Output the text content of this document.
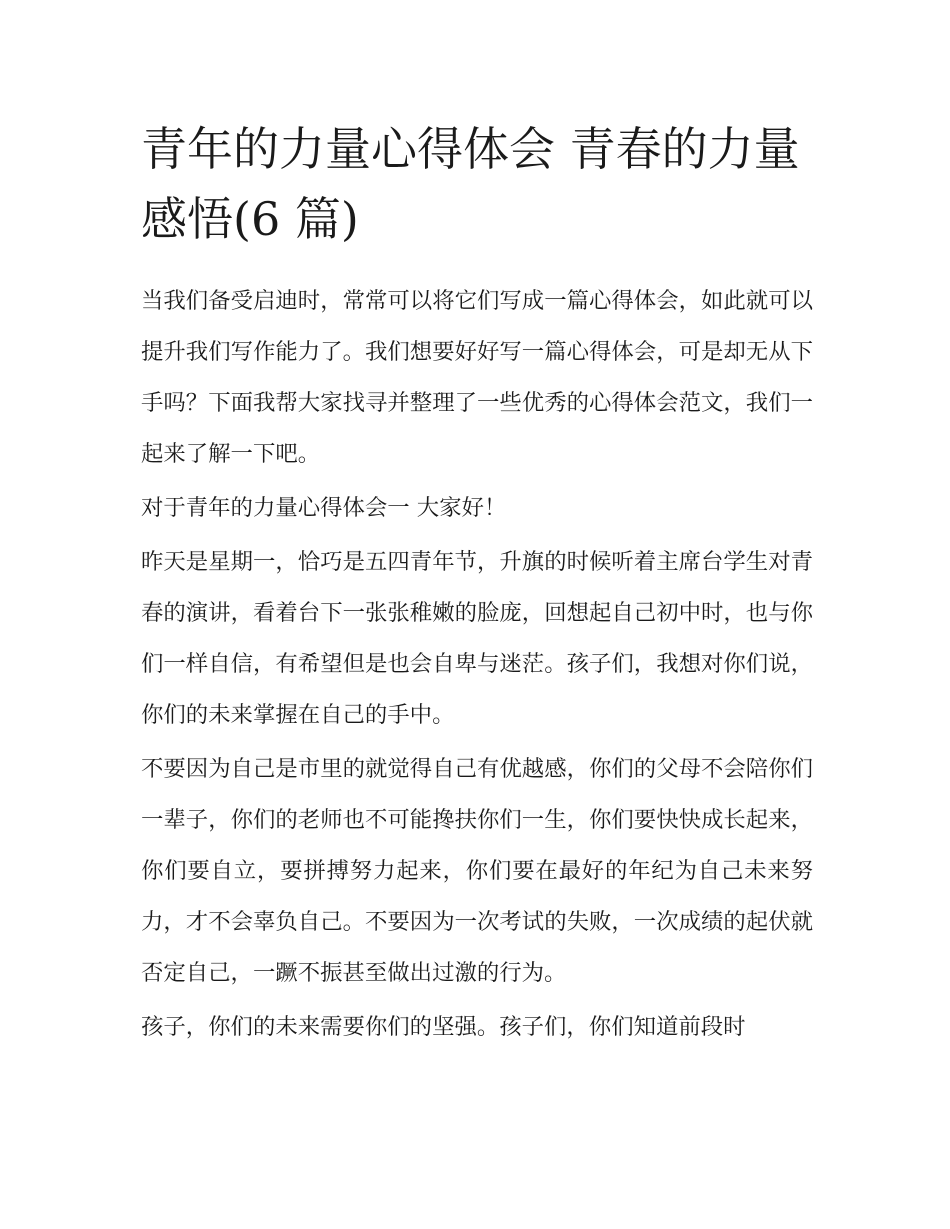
青年的力量心得体会 青春的力量感悟(6 篇)

当我们备受启迪时，常常可以将它们写成一篇心得体会，如此就可以提升我们写作能力了。我们想要好好写一篇心得体会，可是却无从下手吗？下面我帮大家找寻并整理了一些优秀的心得体会范文，我们一起来了解一下吧。

对于青年的力量心得体会一 大家好！

昨天是星期一，恰巧是五四青年节，升旗的时候听着主席台学生对青春的演讲，看着台下一张张稚嫩的脸庞，回想起自己初中时，也与你们一样自信，有希望但是也会自卑与迷茫。孩子们，我想对你们说，你们的未来掌握在自己的手中。

不要因为自己是市里的就觉得自己有优越感，你们的父母不会陪你们一辈子，你们的老师也不可能搀扶你们一生，你们要快快成长起来，你们要自立，要拼搏努力起来，你们要在最好的年纪为自己未来努力，才不会辜负自己。不要因为一次考试的失败，一次成绩的起伏就否定自己，一蹶不振甚至做出过激的行为。

孩子，你们的未来需要你们的坚强。孩子们，你们知道前段时
